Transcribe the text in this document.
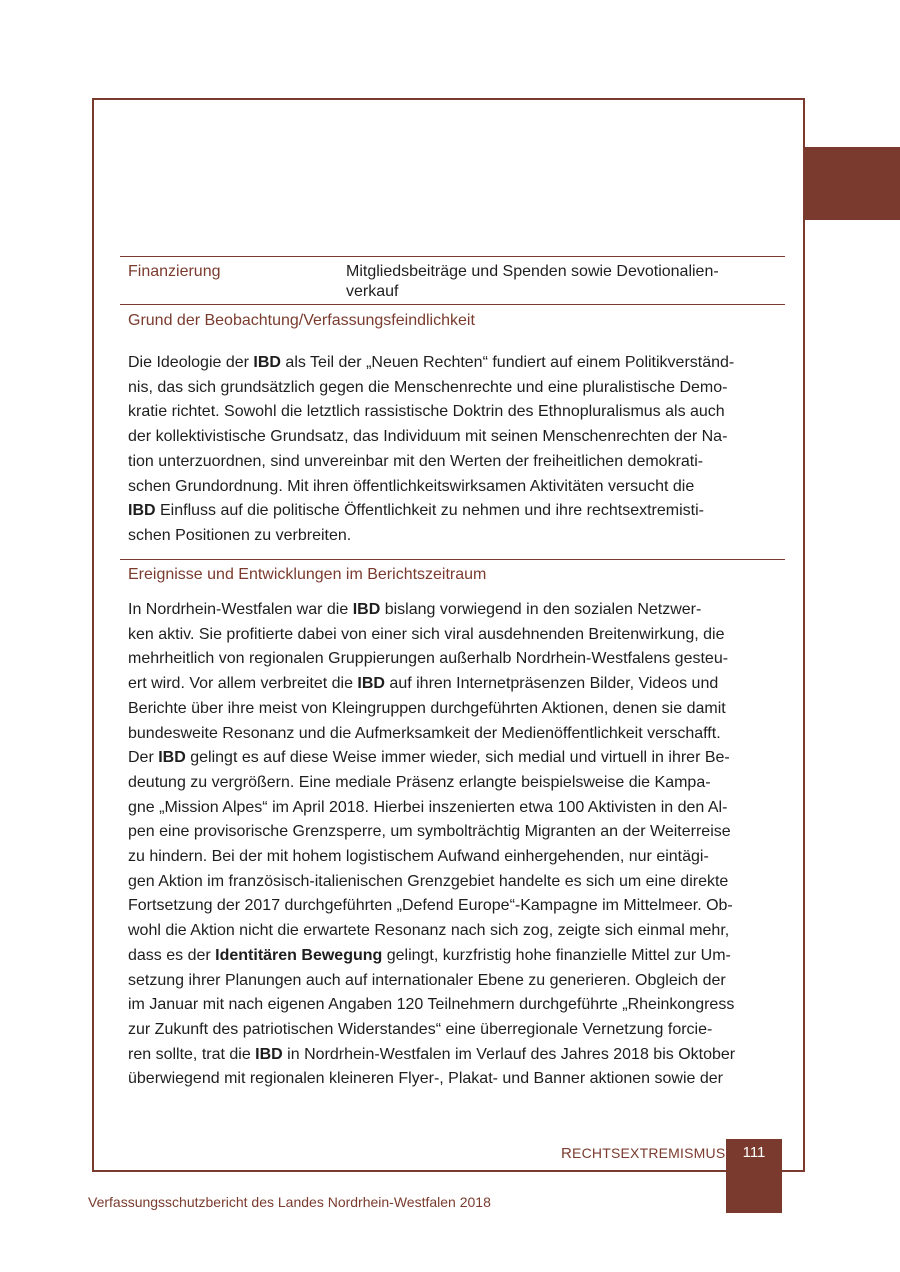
Finanzierung	Mitgliedsbeiträge und Spenden sowie Devotionalien-verkauf
Grund der Beobachtung/Verfassungsfeindlichkeit
Die Ideologie der IBD als Teil der „Neuen Rechten“ fundiert auf einem Politikverständ-
nis, das sich grundsätzlich gegen die Menschenrechte und eine pluralistische Demo-
kratie richtet. Sowohl die letztlich rassistische Doktrin des Ethnopluralismus als auch
der kollektivistische Grundsatz, das Individuum mit seinen Menschenrechten der Na-
tion unterzuordnen, sind unvereinbar mit den Werten der freiheitlichen demokrati-
schen Grundordnung. Mit ihren öffentlichkeitswirksamen Aktivitäten versucht die
IBD Einfluss auf die politische Öffentlichkeit zu nehmen und ihre rechtsextremisti-
schen Positionen zu verbreiten.
Ereignisse und Entwicklungen im Berichtszeitraum
In Nordrhein-Westfalen war die IBD bislang vorwiegend in den sozialen Netzwer-
ken aktiv. Sie profitierte dabei von einer sich viral ausdehnenden Breitenwirkung, die
mehrheitlich von regionalen Gruppierungen außerhalb Nordrhein-Westfalens gesteu-
ert wird. Vor allem verbreitet die IBD auf ihren Internetpräsenzen Bilder, Videos und
Berichte über ihre meist von Kleingruppen durchgeführten Aktionen, denen sie damit
bundesweite Resonanz und die Aufmerksamkeit der Medienöffentlichkeit verschafft.
Der IBD gelingt es auf diese Weise immer wieder, sich medial und virtuell in ihrer Be-
deutung zu vergrößern. Eine mediale Präsenz erlangte beispielsweise die Kampa-
gne „Mission Alpes“ im April 2018. Hierbei inszenierten etwa 100 Aktivisten in den Al-
pen eine provisorische Grenzsperre, um symbolträchtig Migranten an der Weiterreise
zu hindern. Bei der mit hohem logistischem Aufwand einhergehenden, nur eintägi-
gen Aktion im französisch-italienischen Grenzgebiet handelte es sich um eine direkte
Fortsetzung der 2017 durchgeführten „Defend Europe“-Kampagne im Mittelmeer. Ob-
wohl die Aktion nicht die erwartete Resonanz nach sich zog, zeigte sich einmal mehr,
dass es der Identitären Bewegung gelingt, kurzfristig hohe finanzielle Mittel zur Um-
setzung ihrer Planungen auch auf internationaler Ebene zu generieren. Obgleich der
im Januar mit nach eigenen Angaben 120 Teilnehmern durchgeführte „Rheinkongress
zur Zukunft des patriotischen Widerstandes“ eine überregionale Vernetzung forcie-
ren sollte, trat die IBD in Nordrhein-Westfalen im Verlauf des Jahres 2018 bis Oktober
überwiegend mit regionalen kleineren Flyer-, Plakat- und Banner aktionen sowie der
RECHTSEXTREMISMUS	111
Verfassungsschutzbericht des Landes Nordrhein-Westfalen 2018
